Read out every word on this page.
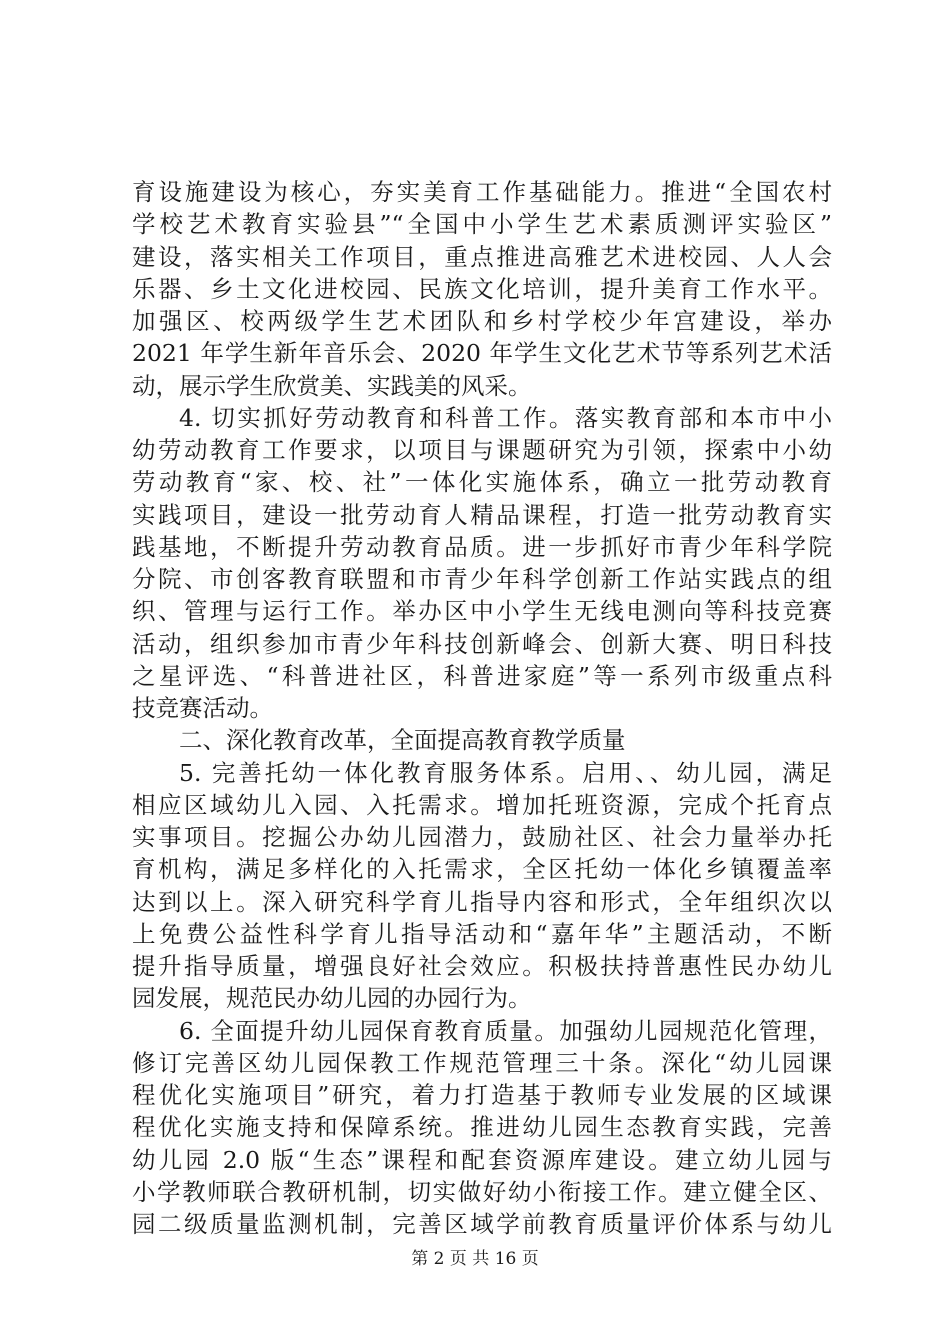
育设施建设为核心，夯实美育工作基础能力。推进“全国农村
学校艺术教育实验县”“全国中小学生艺术素质测评实验区”
建设，落实相关工作项目，重点推进高雅艺术进校园、人人会
乐器、乡土文化进校园、民族文化培训，提升美育工作水平。
加强区、校两级学生艺术团队和乡村学校少年宫建设，举办
2021 年学生新年音乐会、2020 年学生文化艺术节等系列艺术活
动，展示学生欣赏美、实践美的风采。
4. 切实抓好劳动教育和科普工作。落实教育部和本市中小
幼劳动教育工作要求，以项目与课题研究为引领，探索中小幼
劳动教育“家、校、社”一体化实施体系，确立一批劳动教育
实践项目，建设一批劳动育人精品课程，打造一批劳动教育实
践基地，不断提升劳动教育品质。进一步抓好市青少年科学院
分院、市创客教育联盟和市青少年科学创新工作站实践点的组
织、管理与运行工作。举办区中小学生无线电测向等科技竞赛
活动，组织参加市青少年科技创新峰会、创新大赛、明日科技
之星评选、“科普进社区，科普进家庭”等一系列市级重点科
技竞赛活动。
二、深化教育改革，全面提高教育教学质量
5. 完善托幼一体化教育服务体系。启用、、幼儿园，满足
相应区域幼儿入园、入托需求。增加托班资源，完成个托育点
实事项目。挖掘公办幼儿园潜力，鼓励社区、社会力量举办托
育机构，满足多样化的入托需求，全区托幼一体化乡镇覆盖率
达到以上。深入研究科学育儿指导内容和形式，全年组织次以
上免费公益性科学育儿指导活动和“嘉年华”主题活动，不断
提升指导质量，增强良好社会效应。积极扶持普惠性民办幼儿
园发展，规范民办幼儿园的办园行为。
6. 全面提升幼儿园保育教育质量。加强幼儿园规范化管理，
修订完善区幼儿园保教工作规范管理三十条。深化“幼儿园课
程优化实施项目”研究，着力打造基于教师专业发展的区域课
程优化实施支持和保障系统。推进幼儿园生态教育实践，完善
幼儿园 2.0 版“生态”课程和配套资源库建设。建立幼儿园与
小学教师联合教研机制，切实做好幼小衔接工作。建立健全区、
园二级质量监测机制，完善区域学前教育质量评价体系与幼儿
第 2 页 共 16 页
